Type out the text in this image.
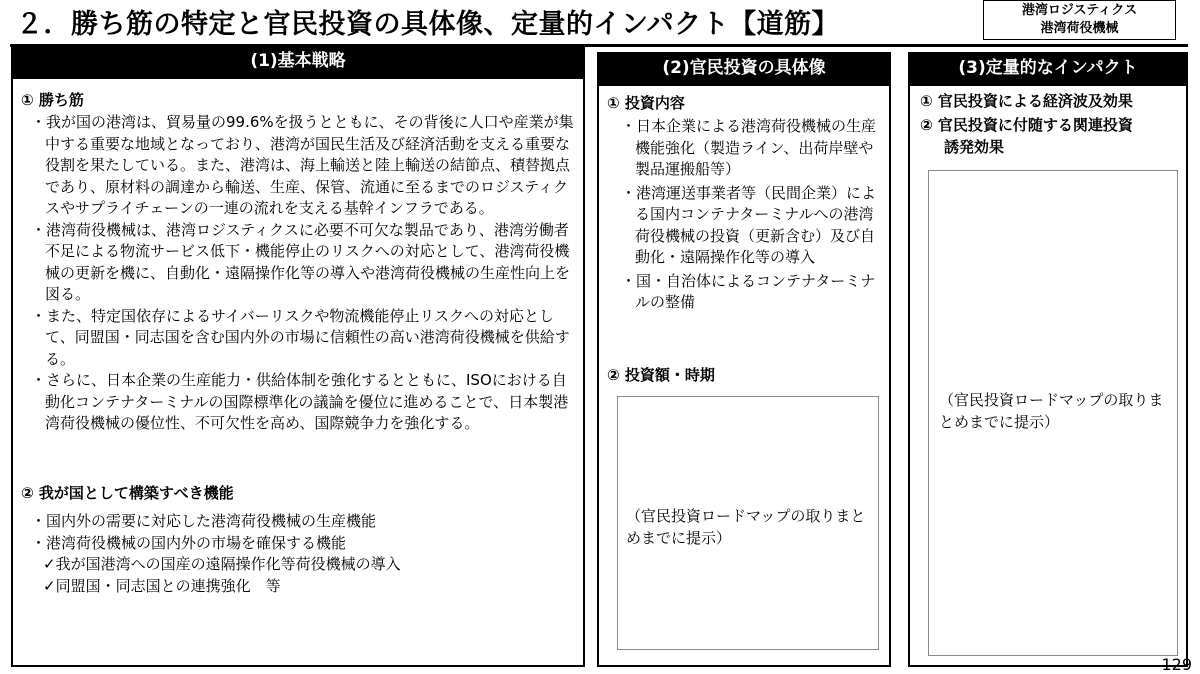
２．勝ち筋の特定と官民投資の具体像、定量的インパクト【道筋】	港湾ロジスティクス
港湾荷役機械
(1)基本戦略
① 勝ち筋
・我が国の港湾は、貿易量の99.6%を扱うとともに、その背後に人口や産業が集中する重要な地域となっており、港湾が国民生活及び経済活動を支える重要な役割を果たしている。また、港湾は、海上輸送と陸上輸送の結節点、積替拠点であり、原材料の調達から輸送、生産、保管、流通に至るまでのロジスティクスやサプライチェーンの一連の流れを支える基幹インフラである。
・港湾荷役機械は、港湾ロジスティクスに必要不可欠な製品であり、港湾労働者不足による物流サービス低下・機能停止のリスクへの対応として、港湾荷役機械の更新を機に、自動化・遠隔操作化等の導入や港湾荷役機械の生産性向上を図る。
・また、特定国依存によるサイバーリスクや物流機能停止リスクへの対応として、同盟国・同志国を含む国内外の市場に信頼性の高い港湾荷役機械を供給する。
・さらに、日本企業の生産能力・供給体制を強化するとともに、ISOにおける自動化コンテナターミナルの国際標準化の議論を優位に進めることで、日本製港湾荷役機械の優位性、不可欠性を高め、国際競争力を強化する。
② 我が国として構築すべき機能
・国内外の需要に対応した港湾荷役機械の生産機能
・港湾荷役機械の国内外の市場を確保する機能
✓我が国港湾への国産の遠隔操作化等荷役機械の導入
✓同盟国・同志国との連携強化　等
(2)官民投資の具体像
① 投資内容
・日本企業による港湾荷役機械の生産機能強化（製造ライン、出荷岸壁や製品運搬船等）
・港湾運送事業者等（民間企業）による国内コンテナターミナルへの港湾荷役機械の投資（更新含む）及び自動化・遠隔操作化等の導入
・国・自治体によるコンテナターミナルの整備
② 投資額・時期
（官民投資ロードマップの取りまとめまでに提示）
(3)定量的なインパクト
① 官民投資による経済波及効果
② 官民投資に付随する関連投資
誘発効果
（官民投資ロードマップの取りまとめまでに提示）
129
